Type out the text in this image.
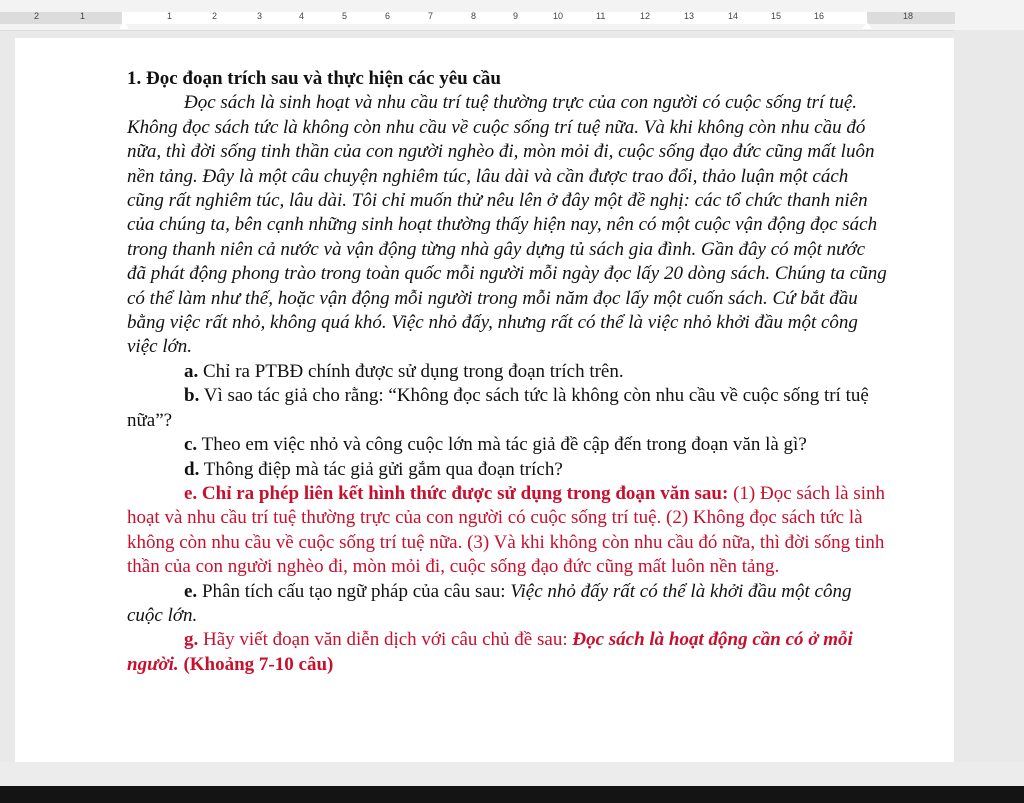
2	1	1	2	3	4	5	6	7	8	9	10	11	12	13	14	15	16	18

1. Đọc đoạn trích sau và thực hiện các yêu cầu

Đọc sách là sinh hoạt và nhu cầu trí tuệ thường trực của con người có cuộc sống trí tuệ. Không đọc sách tức là không còn nhu cầu về cuộc sống trí tuệ nữa. Và khi không còn nhu cầu đó nữa, thì đời sống tinh thần của con người nghèo đi, mòn mỏi đi, cuộc sống đạo đức cũng mất luôn nền tảng. Đây là một câu chuyện nghiêm túc, lâu dài và cần được trao đổi, thảo luận một cách cũng rất nghiêm túc, lâu dài. Tôi chỉ muốn thử nêu lên ở đây một đề nghị: các tổ chức thanh niên của chúng ta, bên cạnh những sinh hoạt thường thấy hiện nay, nên có một cuộc vận động đọc sách trong thanh niên cả nước và vận động từng nhà gây dựng tủ sách gia đình. Gần đây có một nước đã phát động phong trào trong toàn quốc mỗi người mỗi ngày đọc lấy 20 dòng sách. Chúng ta cũng có thể làm như thế, hoặc vận động mỗi người trong mỗi năm đọc lấy một cuốn sách. Cứ bắt đầu bằng việc rất nhỏ, không quá khó. Việc nhỏ đấy, nhưng rất có thể là việc nhỏ khởi đầu một công việc lớn.

a. Chỉ ra PTBĐ chính được sử dụng trong đoạn trích trên.

b. Vì sao tác giả cho rằng: “Không đọc sách tức là không còn nhu cầu về cuộc sống trí tuệ nữa”?

c. Theo em việc nhỏ và công cuộc lớn mà tác giả đề cập đến trong đoạn văn là gì?

d. Thông điệp mà tác giả gửi gắm qua đoạn trích?

e. Chỉ ra phép liên kết hình thức được sử dụng trong đoạn văn sau: (1) Đọc sách là sinh hoạt và nhu cầu trí tuệ thường trực của con người có cuộc sống trí tuệ. (2) Không đọc sách tức là không còn nhu cầu về cuộc sống trí tuệ nữa. (3) Và khi không còn nhu cầu đó nữa, thì đời sống tinh thần của con người nghèo đi, mòn mỏi đi, cuộc sống đạo đức cũng mất luôn nền tảng.

e. Phân tích cấu tạo ngữ pháp của câu sau: Việc nhỏ đấy rất có thể là khởi đầu một công cuộc lớn.

g. Hãy viết đoạn văn diễn dịch với câu chủ đề sau: Đọc sách là hoạt động cần có ở mỗi người. (Khoảng 7-10 câu)
